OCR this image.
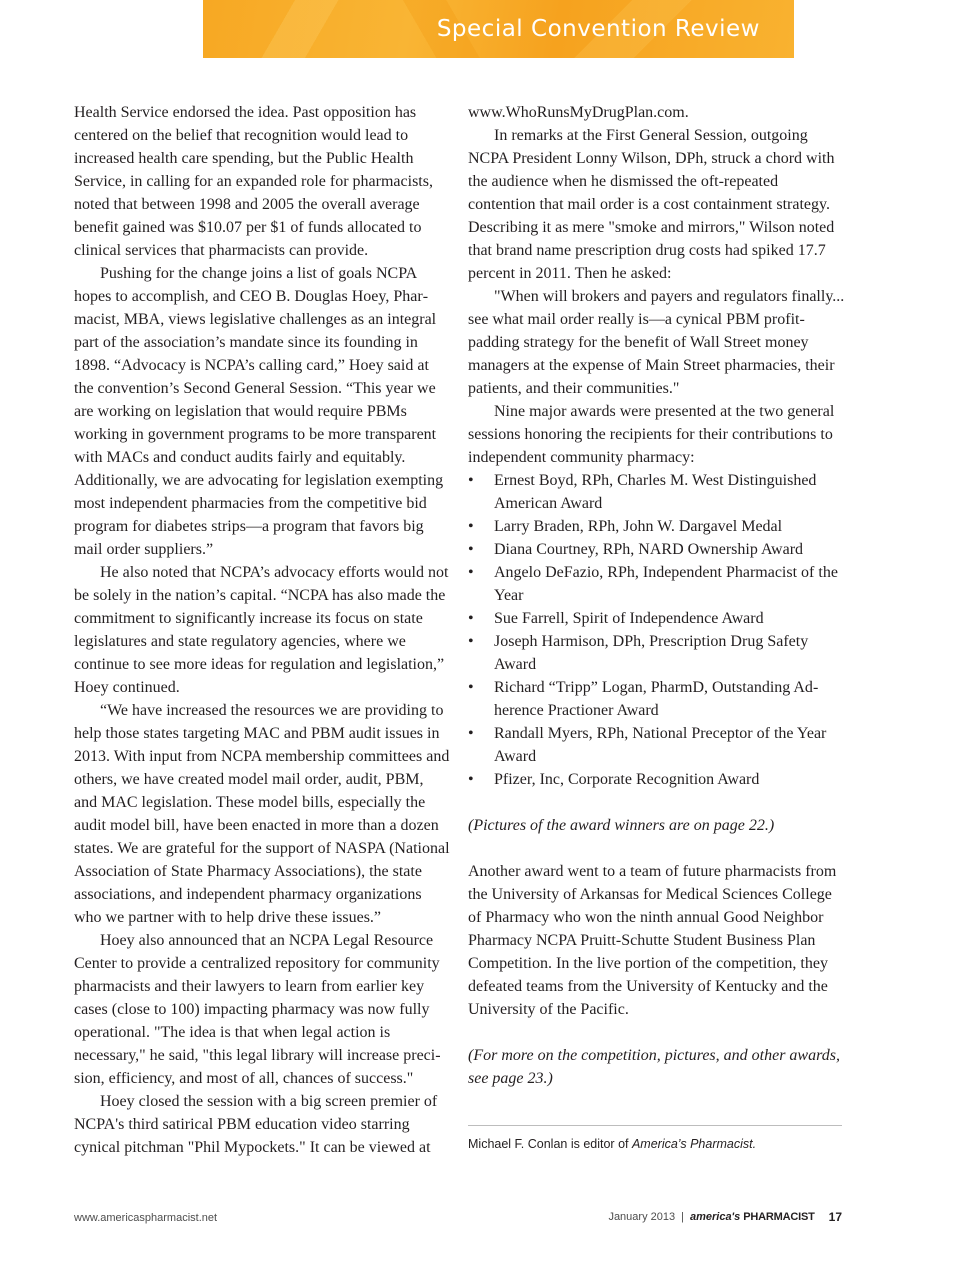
Special Convention Review

Health Service endorsed the idea. Past opposition has centered on the belief that recognition would lead to increased health care spending, but the Public Health Service, in calling for an expanded role for pharmacists, noted that between 1998 and 2005 the overall average benefit gained was $10.07 per $1 of funds allocated to clinical services that pharmacists can provide.

Pushing for the change joins a list of goals NCPA hopes to accomplish, and CEO B. Douglas Hoey, Pharmacist, MBA, views legislative challenges as an integral part of the association’s mandate since its founding in 1898. “Advocacy is NCPA’s calling card,” Hoey said at the convention’s Second General Session. “This year we are working on legislation that would require PBMs working in government programs to be more transparent with MACs and conduct audits fairly and equitably. Additionally, we are advocating for legislation exempting most independent pharmacies from the competitive bid program for diabetes strips—a program that favors big mail order suppliers.”

He also noted that NCPA’s advocacy efforts would not be solely in the nation’s capital. “NCPA has also made the commitment to significantly increase its focus on state legislatures and state regulatory agencies, where we continue to see more ideas for regulation and legislation,” Hoey continued.

“We have increased the resources we are providing to help those states targeting MAC and PBM audit issues in 2013. With input from NCPA membership committees and others, we have created model mail order, audit, PBM, and MAC legislation. These model bills, especially the audit model bill, have been enacted in more than a dozen states. We are grateful for the support of NASPA (National Association of State Pharmacy Associations), the state associations, and independent pharmacy organizations who we partner with to help drive these issues.”

Hoey also announced that an NCPA Legal Resource Center to provide a centralized repository for community pharmacists and their lawyers to learn from earlier key cases (close to 100) impacting pharmacy was now fully operational. "The idea is that when legal action is necessary," he said, "this legal library will increase precision, efficiency, and most of all, chances of success."

Hoey closed the session with a big screen premier of NCPA's third satirical PBM education video starring cynical pitchman "Phil Mypockets." It can be viewed at

www.WhoRunsMyDrugPlan.com.

In remarks at the First General Session, outgoing NCPA President Lonny Wilson, DPh, struck a chord with the audience when he dismissed the oft-repeated contention that mail order is a cost containment strategy. Describing it as mere "smoke and mirrors," Wilson noted that brand name prescription drug costs had spiked 17.7 percent in 2011. Then he asked:

"When will brokers and payers and regulators finally... see what mail order really is—a cynical PBM profit-padding strategy for the benefit of Wall Street money managers at the expense of Main Street pharmacies, their patients, and their communities."

Nine major awards were presented at the two general sessions honoring the recipients for their contributions to independent community pharmacy:

• Ernest Boyd, RPh, Charles M. West Distinguished American Award
• Larry Braden, RPh, John W. Dargavel Medal
• Diana Courtney, RPh, NARD Ownership Award
• Angelo DeFazio, RPh, Independent Pharmacist of the Year
• Sue Farrell, Spirit of Independence Award
• Joseph Harmison, DPh, Prescription Drug Safety Award
• Richard “Tripp” Logan, PharmD, Outstanding Adherence Practioner Award
• Randall Myers, RPh, National Preceptor of the Year Award
• Pfizer, Inc, Corporate Recognition Award

(Pictures of the award winners are on page 22.)

Another award went to a team of future pharmacists from the University of Arkansas for Medical Sciences College of Pharmacy who won the ninth annual Good Neighbor Pharmacy NCPA Pruitt-Schutte Student Business Plan Competition. In the live portion of the competition, they defeated teams from the University of Kentucky and the University of the Pacific.

(For more on the competition, pictures, and other awards, see page 23.)

Michael F. Conlan is editor of America’s Pharmacist.
www.americaspharmacist.net	January 2013 | america's PHARMACIST 17
